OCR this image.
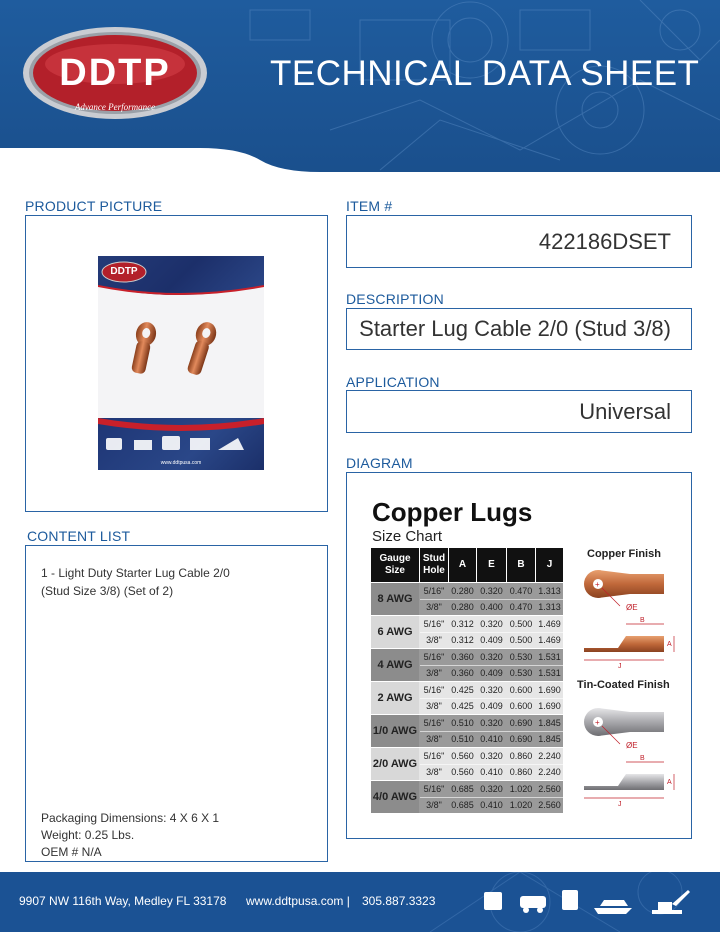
DDTP
Advance Performance
TECHNICAL DATA SHEET
PRODUCT PICTURE	ITEM #
DESCRIPTION
APPLICATION
DIAGRAM
CONTENT LIST
DDTP
www.ddtpusa.com
422186DSET
Starter Lug Cable 2/0 (Stud 3/8)
Universal
Copper Lugs
Size Chart
Gauge Size
Stud Hole
A	E	B	J
8 AWG
5/16" 0.280 0.320 0.470 1.313
3/8"	0.280 0.400 0.470 1.313
6 AWG
5/16" 0.312 0.320 0.500 1.469
3/8"	0.312 0.409 0.500 1.469
4 AWG
5/16" 0.360 0.320 0.530 1.531
3/8"	0.360 0.409 0.530 1.531
2 AWG
5/16" 0.425 0.320 0.600 1.690
3/8"	0.425 0.409 0.600 1.690
1/0 AWG
5/16" 0.510 0.320 0.690 1.845
3/8"	0.510 0.410 0.690 1.845
2/0 AWG
5/16" 0.560 0.320 0.860 2.240
3/8"	0.560 0.410 0.860 2.240
4/0 AWG
5/16" 0.685 0.320 1.020 2.560
3/8"	0.685 0.410 1.020 2.560
Copper Finish
+
ØE
B
A
J
Tin-Coated Finish
+
ØE
B
A
J
1 - Light Duty Starter Lug Cable 2/0
(Stud Size 3/8) (Set of 2)
Packaging Dimensions: 4 X 6 X 1
Weight: 0.25 Lbs.
OEM # N/A
9907 NW 116th Way, Medley FL 33178 www.ddtpusa.com | 305.887.3323
